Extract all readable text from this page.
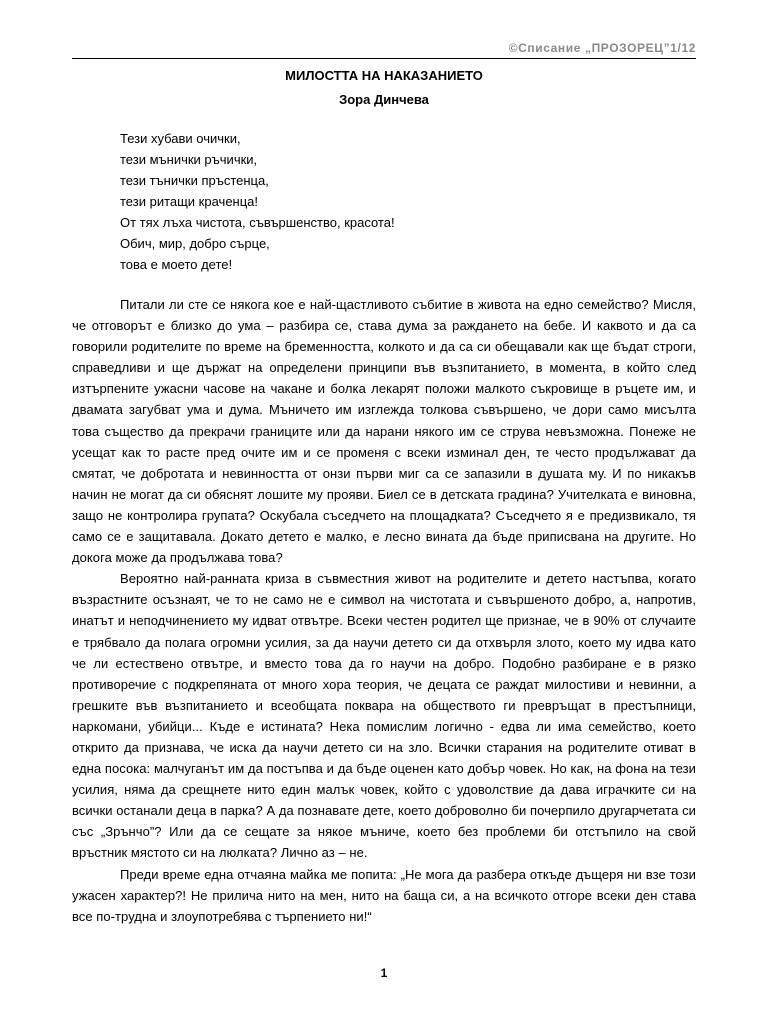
©Списание „ПРОЗОРЕЦ”1/12
МИЛОСТТА НА НАКАЗАНИЕТО
Зора Динчева
Тези хубави очички,
тези мънички ръчички,
тези тънички пръстенца,
тези ритащи краченца!
От тях лъха чистота, съвършенство, красота!
Обич, мир, добро сърце,
това е моето дете!

Питали ли сте се някога кое е най-щастливото събитие в живота на едно семейство? Мисля, че отговорът е близко до ума – разбира се, става дума за раждането на бебе. И каквото и да са говорили родителите по време на бременността, колкото и да са си обещавали как ще бъдат строги, справедливи и ще държат на определени принципи във възпитанието, в момента, в който след изтърпените ужасни часове на чакане и болка лекарят положи малкото съкровище в ръцете им, и двамата загубват ума и дума. Мъничето им изглежда толкова съвършено, че дори само мисълта това същество да прекрачи границите или да нарани някого им се струва невъзможна. Понеже не усещат как то расте пред очите им и се променя с всеки изминал ден, те често продължават да смятат, че добротата и невинността от онзи първи миг са се запазили в душата му. И по никакъв начин не могат да си обяснят лошите му прояви. Биел се в детската градина? Учителката е виновна, защо не контролира групата? Оскубала съседчето на площадката? Съседчето я е предизвикало, тя само се е защитавала. Докато детето е малко, е лесно вината да бъде приписвана на другите. Но докога може да продължава това?

Вероятно най-ранната криза в съвместния живот на родителите и детето настъпва, когато възрастните осъзнаят, че то не само не е символ на чистотата и съвършеното добро, а, напротив, инатът и неподчинението му идват отвътре. Всеки честен родител ще признае, че в 90% от случаите е трябвало да полага огромни усилия, за да научи детето си да отхвърля злото, което му идва като че ли естествено отвътре, и вместо това да го научи на добро. Подобно разбиране е в рязко противоречие с подкрепяната от много хора теория, че децата се раждат милостиви и невинни, а грешките във възпитанието и всеобщата поквара на обществото ги превръщат в престъпници, наркомани, убийци... Къде е истината? Нека помислим логично - едва ли има семейство, което открито да признава, че иска да научи детето си на зло. Всички старания на родителите отиват в една посока: малчуганът им да постъпва и да бъде оценен като добър човек. Но как, на фона на тези усилия, няма да срещнете нито един малък човек, който с удоволствие да дава играчките си на всички останали деца в парка? А да познавате дете, което доброволно би почерпило другарчетата си със „Зрънчо”? Или да се сещате за някое мъниче, което без проблеми би отстъпило на свой връстник мястото си на люлката? Лично аз – не.

Преди време една отчаяна майка ме попита: „Не мога да разбера откъде дъщеря ни взе този ужасен характер?! Не прилича нито на мен, нито на баща си, а на всичкото отгоре всеки ден става все по-трудна и злоупотребява с търпението ни!“

1
